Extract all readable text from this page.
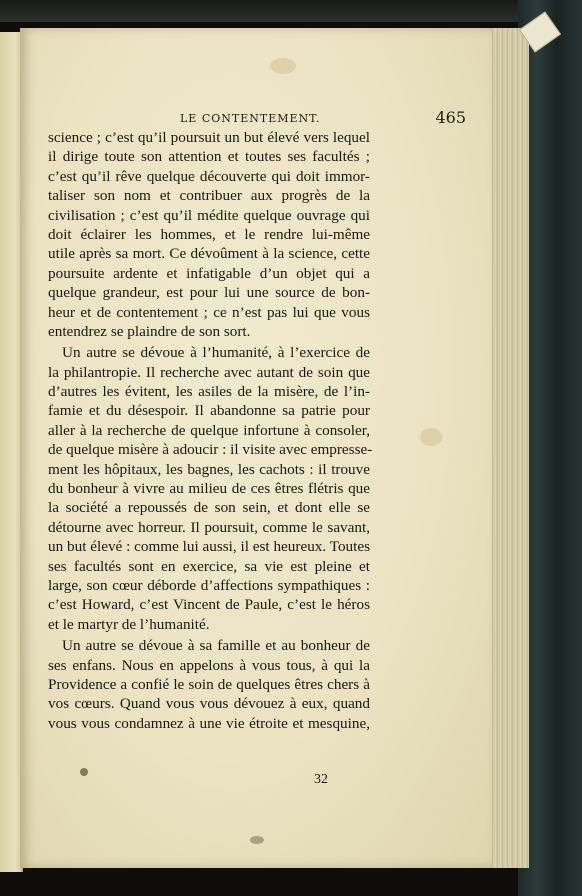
LE CONTENTEMENT.	465
science ; c’est qu’il poursuit un but élevé vers lequel
il dirige toute son attention et toutes ses facultés ;
c’est qu’il rêve quelque découverte qui doit immor-
taliser son nom et contribuer aux progrès de la
civilisation ; c’est qu’il médite quelque ouvrage qui
doit éclairer les hommes, et le rendre lui-même
utile après sa mort. Ce dévoûment à la science, cette
poursuite ardente et infatigable d’un objet qui a
quelque grandeur, est pour lui une source de bon-
heur et de contentement ; ce n’est pas lui que vous
entendrez se plaindre de son sort.
Un autre se dévoue à l’humanité, à l’exercice de
la philantropie. Il recherche avec autant de soin que
d’autres les évitent, les asiles de la misère, de l’in-
famie et du désespoir. Il abandonne sa patrie pour
aller à la recherche de quelque infortune à consoler,
de quelque misère à adoucir : il visite avec empresse-
ment les hôpitaux, les bagnes, les cachots : il trouve
du bonheur à vivre au milieu de ces êtres flétris que
la société a repoussés de son sein, et dont elle se
détourne avec horreur. Il poursuit, comme le savant,
un but élevé : comme lui aussi, il est heureux. Toutes
ses facultés sont en exercice, sa vie est pleine et
large, son cœur déborde d’affections sympathiques :
c’est Howard, c’est Vincent de Paule, c’est le héros
et le martyr de l’humanité.
Un autre se dévoue à sa famille et au bonheur de
ses enfans. Nous en appelons à vous tous, à qui la
Providence a confié le soin de quelques êtres chers à
vos cœurs. Quand vous vous dévouez à eux, quand
vous vous condamnez à une vie étroite et mesquine,
32
